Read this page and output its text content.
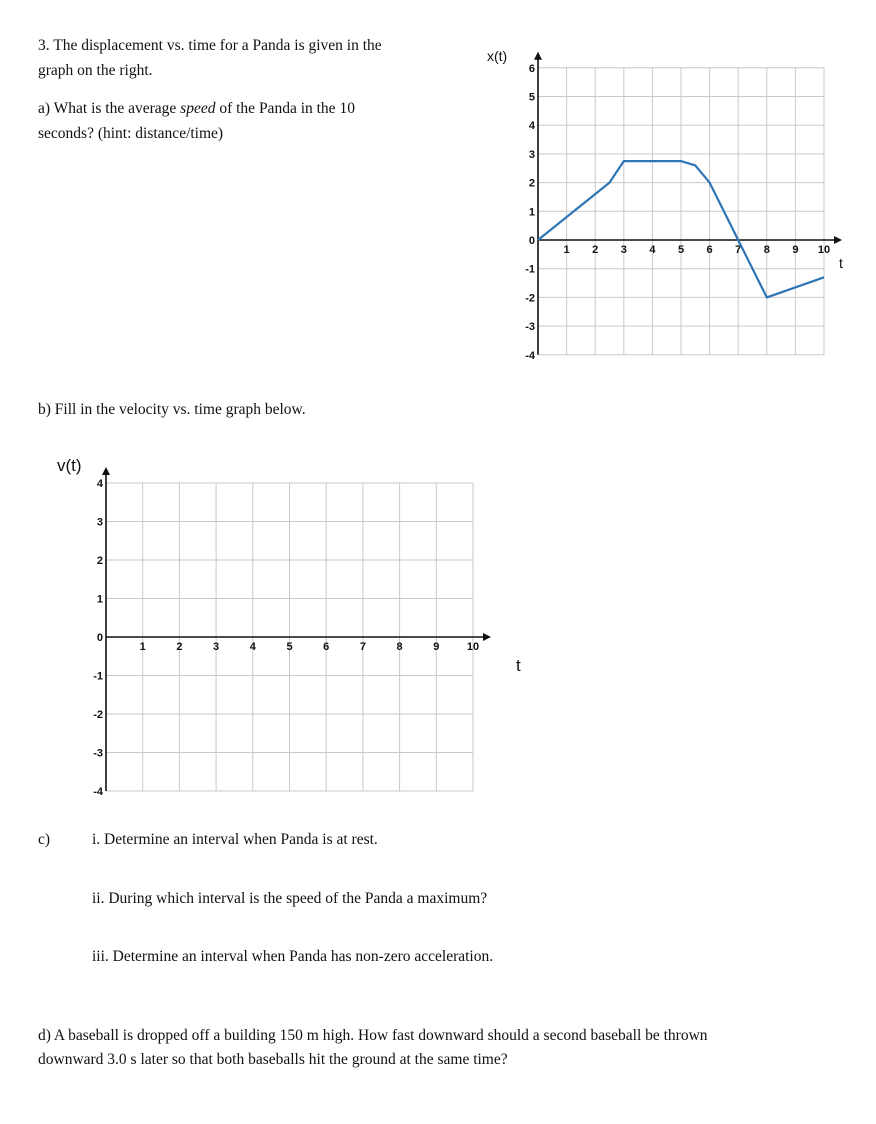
3. The displacement vs. time for a Panda is given in the
graph on the right.
a) What is the average speed of the Panda in the 10
seconds? (hint: distance/time)
b) Fill in the velocity vs. time graph below.
c)	i. Determine an interval when Panda is at rest.
ii. During which interval is the speed of the Panda a maximum?
iii. Determine an interval when Panda has non-zero acceleration.
d) A baseball is dropped off a building 150 m high. How fast downward should a second baseball be thrown
downward 3.0 s later so that both baseballs hit the ground at the same time?
6
5
4
3
2
1
0
-1
-2
-3
-4
1 2 3 4 5 6 7 8 9 10
x(t)
t
4
3
2
1
0
-1
-2
-3
-4
1	2	3	4	5	6	7	8	9	10
v(t)
t
